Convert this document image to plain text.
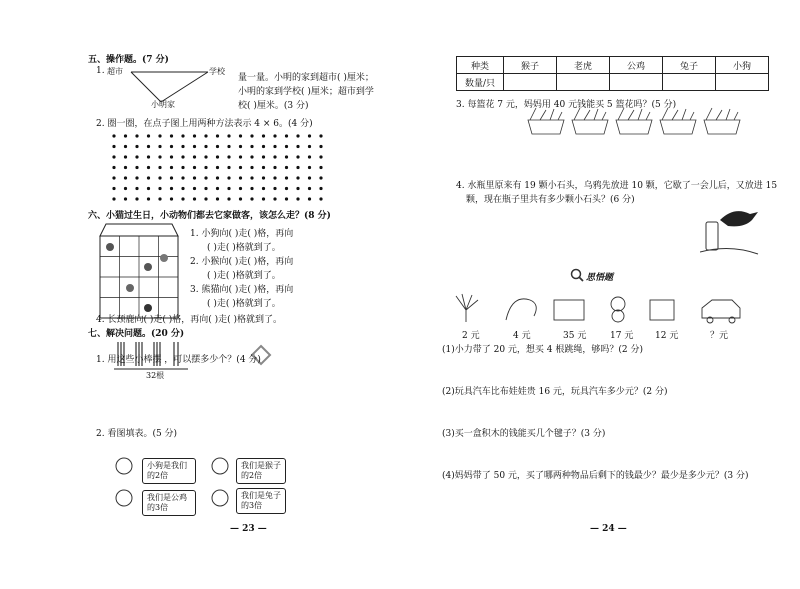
五、操作题。(7 分)
1. 超市	学校
小明家
量一量。小明的家到超市( )厘米；
小明的家到学校( )厘米；超市到学
校( )厘米。(3 分)
2. 圈一圈，在点子图上用两种方法表示 4 × 6。(4 分)
六、小猫过生日，小动物们都去它家做客，该怎么走？(8 分)
1. 小狗向( )走( )格，再向
( )走( )格就到了。
2. 小猴向( )走( )格，再向
( )走( )格就到了。
3. 熊猫向( )走( )格，再向
( )走( )格就到了。
4. 长颈鹿向( )走( )格，再向( )走( )格就到了。
七、解决问题。(20 分)
1. 用这些小棒摆 ，可以摆多少个？(4 分)
32根
2. 看图填表。(5 分)
小狗是我们的2倍
我们是公鸡的3倍
我们是猴子的2倍
我们是兔子的3倍
— 23 —
种类	猴子	老虎	公鸡	兔子	小狗
数量/只					
3. 每篮花 7 元，妈妈用 40 元钱能买 5 篮花吗？(5 分)
4. 水瓶里原来有 19 颗小石头，乌鸦先放进 10 颗，它歇了一会儿后，又放进 15
颗，现在瓶子里共有多少颗小石头？(6 分)
思悟题
2 元	4 元	35 元	17 元 12 元	？元
(1)小力带了 20 元，想买 4 根跳绳，够吗？(2 分)
(2)玩具汽车比布娃娃贵 16 元，玩具汽车多少元？(2 分)
(3)买一盒积木的钱能买几个毽子？(3 分)
(4)妈妈带了 50 元，买了哪两种物品后剩下的钱最少？最少是多少元？(3 分)
— 24 —
